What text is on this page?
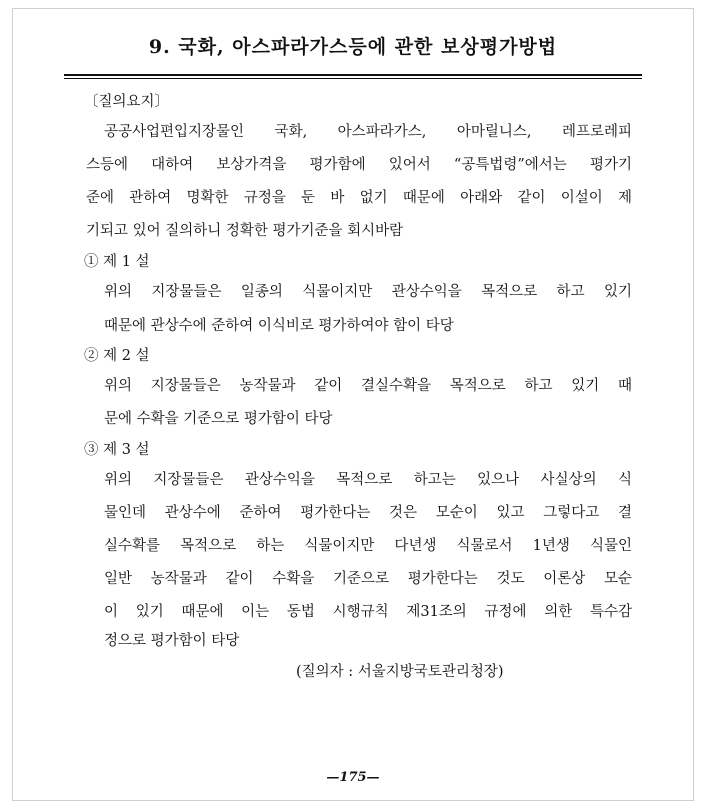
9. 국화, 아스파라가스등에 관한 보상평가방법
〔질의요지〕
공공사업편입지장물인 국화, 아스파라가스, 아마릴니스, 레프로레피
스등에 대하여 보상가격을 평가함에 있어서 “공특법령”에서는 평가기
준에 관하여 명확한 규정을 둔 바 없기 때문에 아래와 같이 이설이 제
기되고 있어 질의하니 정확한 평가기준을 회시바람
① 제 1 설
위의 지장물들은 일종의 식물이지만 관상수익을 목적으로 하고 있기
때문에 관상수에 준하여 이식비로 평가하여야 함이 타당
② 제 2 설
위의 지장물들은 농작물과 같이 결실수확을 목적으로 하고 있기 때
문에 수확을 기준으로 평가함이 타당
③ 제 3 설
위의 지장물들은 관상수익을 목적으로 하고는 있으나 사실상의 식
물인데 관상수에 준하여 평가한다는 것은 모순이 있고 그렇다고 결
실수확를 목적으로 하는 식물이지만 다년생 식물로서 1년생 식물인
일반 농작물과 같이 수확을 기준으로 평가한다는 것도 이론상 모순
이 있기 때문에 이는 동법 시행규칙 제31조의 규정에 의한 특수감
정으로 평가함이 타당
(질의자 : 서울지방국토관리청장)
—175—
